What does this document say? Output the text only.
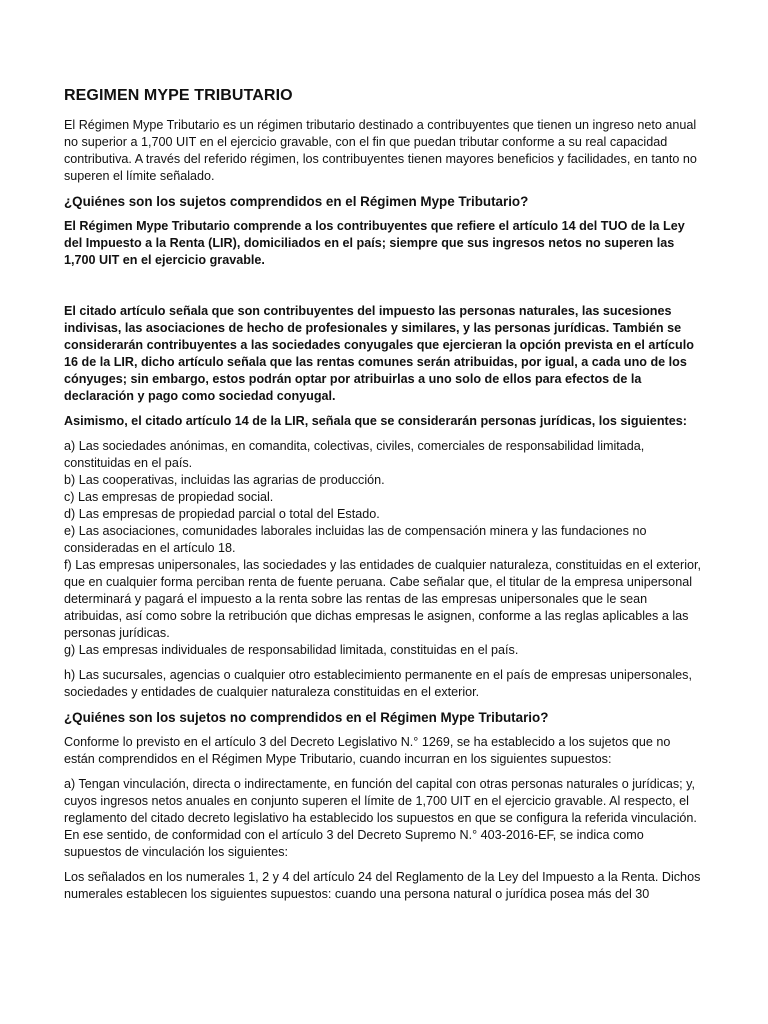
REGIMEN MYPE TRIBUTARIO

El Régimen Mype Tributario es un régimen tributario destinado a contribuyentes que tienen un ingreso neto anual no superior a 1,700 UIT en el ejercicio gravable, con el fin que puedan tributar conforme a su real capacidad contributiva. A través del referido régimen, los contribuyentes tienen mayores beneficios y facilidades, en tanto no superen el límite señalado.

¿Quiénes son los sujetos comprendidos en el Régimen Mype Tributario?

El Régimen Mype Tributario comprende a los contribuyentes que refiere el artículo 14 del TUO de la Ley del Impuesto a la Renta (LIR), domiciliados en el país; siempre que sus ingresos netos no superen las 1,700 UIT en el ejercicio gravable.

El citado artículo señala que son contribuyentes del impuesto las personas naturales, las sucesiones indivisas, las asociaciones de hecho de profesionales y similares, y las personas jurídicas. También se considerarán contribuyentes a las sociedades conyugales que ejercieran la opción prevista en el artículo 16 de la LIR, dicho artículo señala que las rentas comunes serán atribuidas, por igual, a cada uno de los cónyuges; sin embargo, estos podrán optar por atribuirlas a uno solo de ellos para efectos de la declaración y pago como sociedad conyugal.

Asimismo, el citado artículo 14 de la LIR, señala que se considerarán personas jurídicas, los siguientes:

a) Las sociedades anónimas, en comandita, colectivas, civiles, comerciales de responsabilidad limitada, constituidas en el país.

b) Las cooperativas, incluidas las agrarias de producción.

c) Las empresas de propiedad social.

d) Las empresas de propiedad parcial o total del Estado.

e) Las asociaciones, comunidades laborales incluidas las de compensación minera y las fundaciones no consideradas en el artículo 18.

f) Las empresas unipersonales, las sociedades y las entidades de cualquier naturaleza, constituidas en el exterior, que en cualquier forma perciban renta de fuente peruana. Cabe señalar que, el titular de la empresa unipersonal determinará y pagará el impuesto a la renta sobre las rentas de las empresas unipersonales que le sean atribuidas, así como sobre la retribución que dichas empresas le asignen, conforme a las reglas aplicables a las personas jurídicas.

g) Las empresas individuales de responsabilidad limitada, constituidas en el país.

h) Las sucursales, agencias o cualquier otro establecimiento permanente en el país de empresas unipersonales, sociedades y entidades de cualquier naturaleza constituidas en el exterior.

¿Quiénes son los sujetos no comprendidos en el Régimen Mype Tributario?

Conforme lo previsto en el artículo 3 del Decreto Legislativo N.° 1269, se ha establecido a los sujetos que no están comprendidos en el Régimen Mype Tributario, cuando incurran en los siguientes supuestos:

a) Tengan vinculación, directa o indirectamente, en función del capital con otras personas naturales o jurídicas; y, cuyos ingresos netos anuales en conjunto superen el límite de 1,700 UIT en el ejercicio gravable. Al respecto, el reglamento del citado decreto legislativo ha establecido los supuestos en que se configura la referida vinculación. En ese sentido, de conformidad con el artículo 3 del Decreto Supremo N.° 403-2016-EF, se indica como supuestos de vinculación los siguientes:

Los señalados en los numerales 1, 2 y 4 del artículo 24 del Reglamento de la Ley del Impuesto a la Renta. Dichos numerales establecen los siguientes supuestos: cuando una persona natural o jurídica posea más del 30
